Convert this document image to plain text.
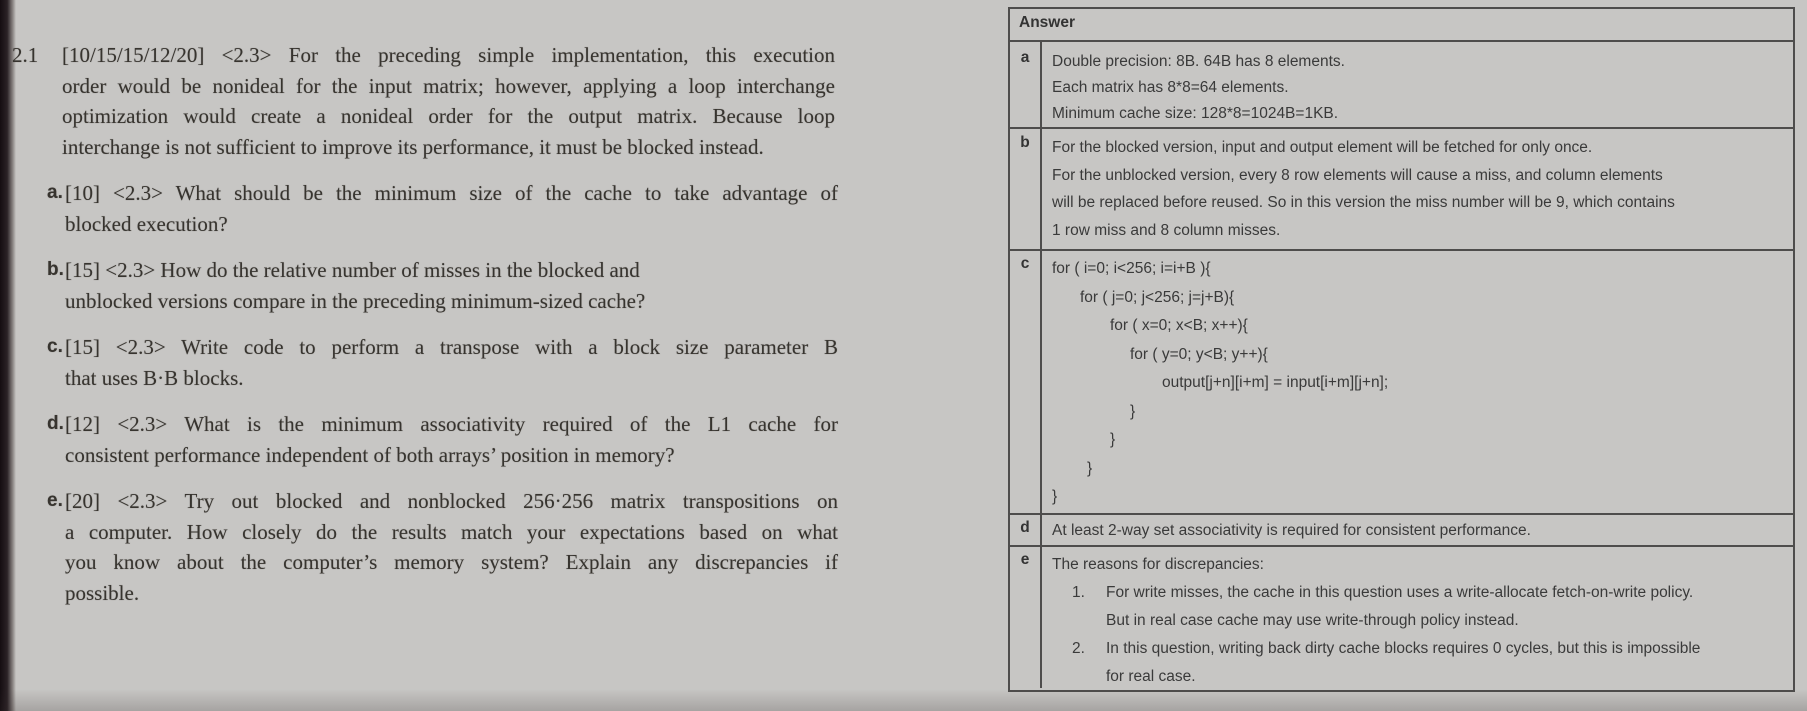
2.1 [10/15/15/12/20] <2.3> For the preceding simple implementation, this execution
order would be nonideal for the input matrix; however, applying a loop interchange
optimization would create a nonideal order for the output matrix. Because loop
interchange is not sufficient to improve its performance, it must be blocked instead.
a. [10] <2.3> What should be the minimum size of the cache to take advantage of
blocked execution?
b. [15] <2.3> How do the relative number of misses in the blocked and
unblocked versions compare in the preceding minimum-sized cache?
c. [15] <2.3> Write code to perform a transpose with a block size parameter B
that uses B·B blocks.
d. [12] <2.3> What is the minimum associativity required of the L1 cache for
consistent performance independent of both arrays’ position in memory?
e. [20] <2.3> Try out blocked and nonblocked 256·256 matrix transpositions on
a computer. How closely do the results match your expectations based on what
you know about the computer’s memory system? Explain any discrepancies if
possible.
Answer
a	Double precision: 8B. 64B has 8 elements.
Each matrix has 8*8=64 elements.
Minimum cache size: 128*8=1024B=1KB.
b	For the blocked version, input and output element will be fetched for only once.
For the unblocked version, every 8 row elements will cause a miss, and column elements
will be replaced before reused. So in this version the miss number will be 9, which contains
1 row miss and 8 column misses.
c	for ( i=0; i<256; i=i+B ){
for ( j=0; j<256; j=j+B){
for ( x=0; x<B; x++){
for ( y=0; y<B; y++){
output[j+n][i+m] = input[i+m][j+n];
}
}
}
}
d	At least 2-way set associativity is required for consistent performance.
e	The reasons for discrepancies:
1.	For write misses, the cache in this question uses a write-allocate fetch-on-write policy.
But in real case cache may use write-through policy instead.
2.	In this question, writing back dirty cache blocks requires 0 cycles, but this is impossible
for real case.
